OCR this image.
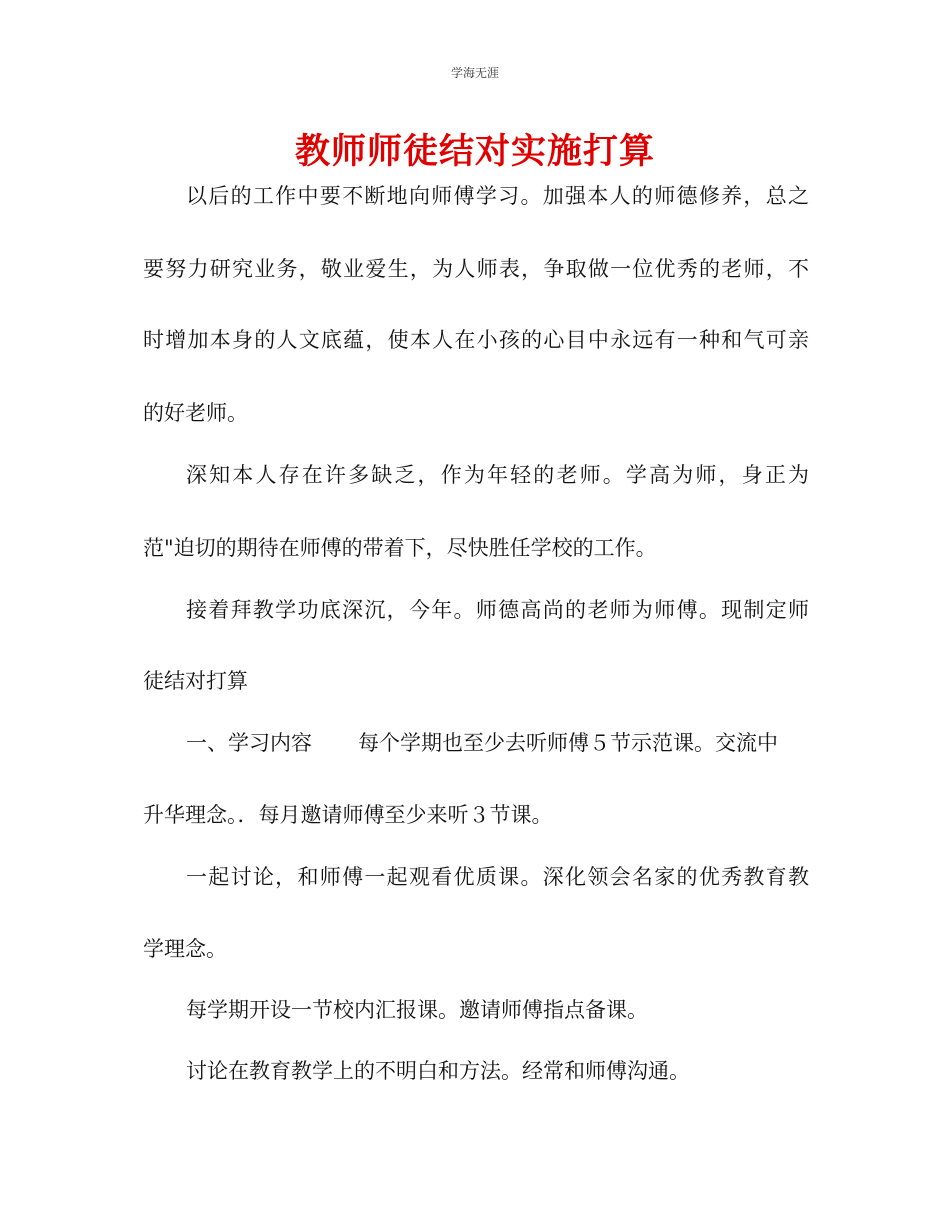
学海无涯
教师师徒结对实施打算
以后的工作中要不断地向师傅学习。加强本人的师德修养，总之
要努力研究业务，敬业爱生，为人师表，争取做一位优秀的老师，不
时增加本身的人文底蕴，使本人在小孩的心目中永远有一种和气可亲
的好老师。
深知本人存在许多缺乏，作为年轻的老师。学高为师，身正为
范"迫切的期待在师傅的带着下，尽快胜任学校的工作。
接着拜教学功底深沉，今年。师德高尚的老师为师傅。现制定师
徒结对打算
一、学习内容 每个学期也至少去听师傅５节示范课。交流中
升华理念。．每月邀请师傅至少来听３节课。
一起讨论，和师傅一起观看优质课。深化领会名家的优秀教育教
学理念。
每学期开设一节校内汇报课。邀请师傅指点备课。
讨论在教育教学上的不明白和方法。经常和师傅沟通。
